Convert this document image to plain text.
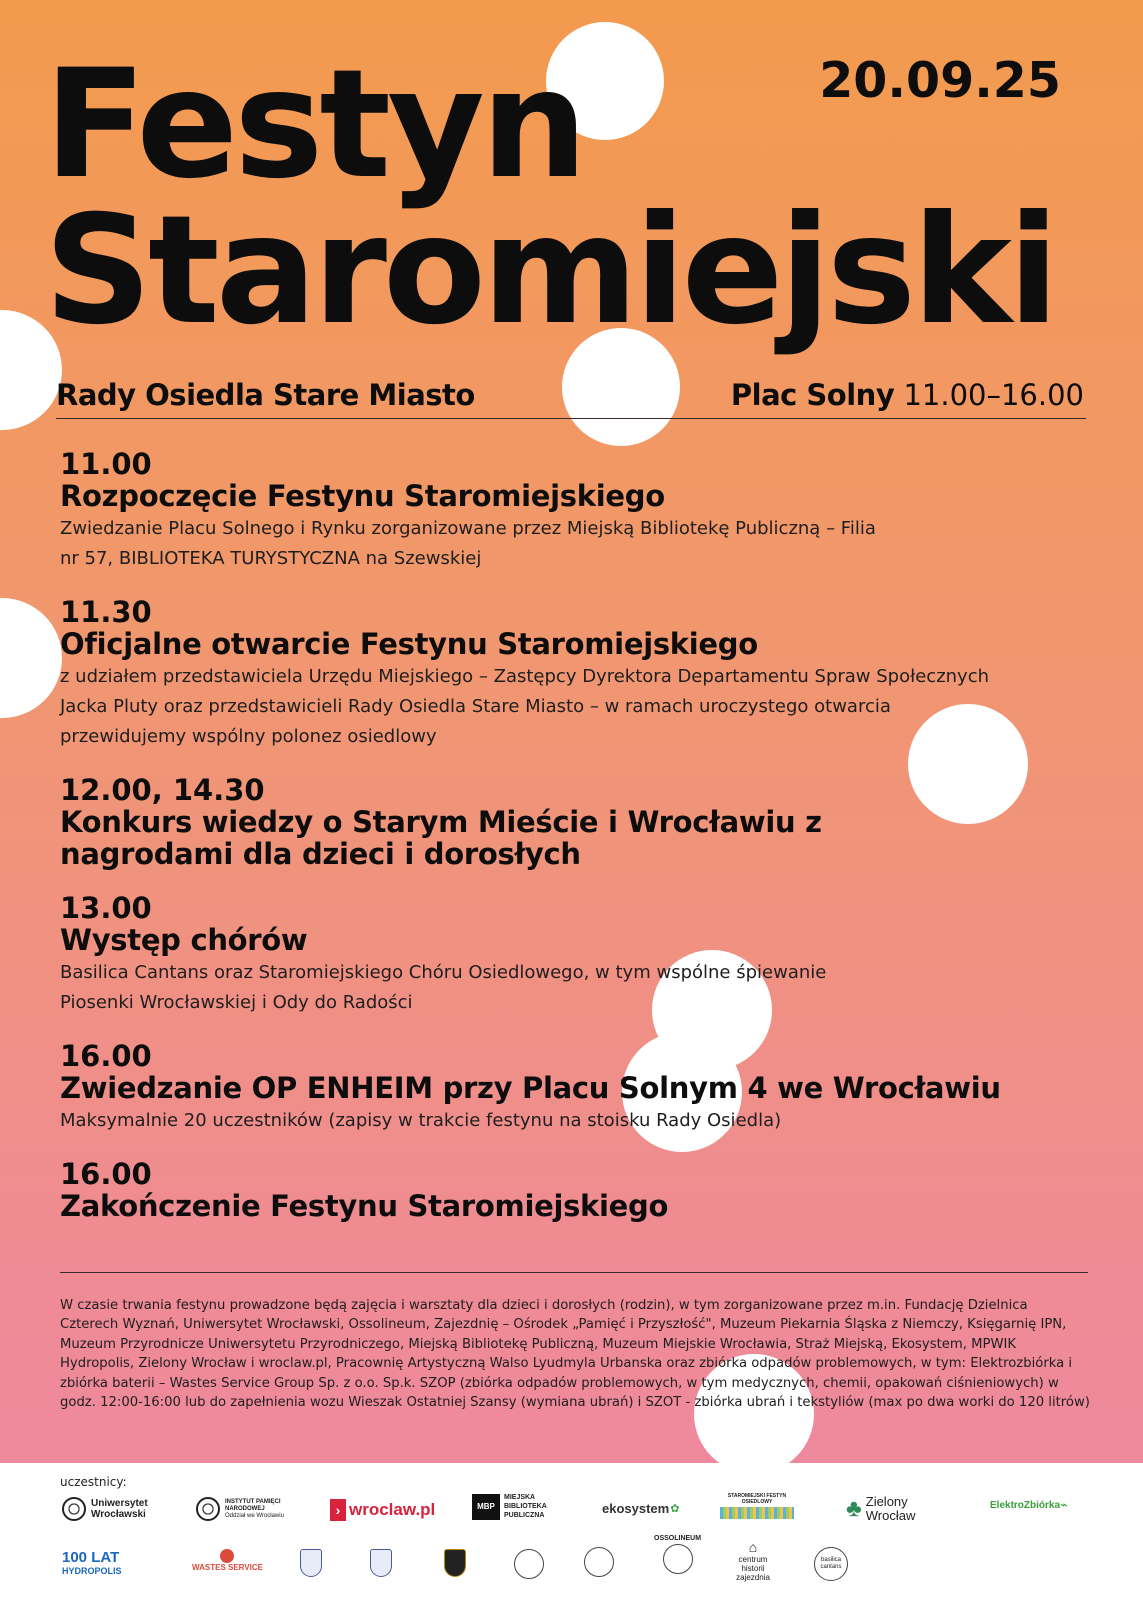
Festyn
Staromiejski
20.09.25
Rady Osiedla Stare Miasto	Plac Solny 11.00–16.00
11.00
Rozpoczęcie Festynu Staromiejskiego
Zwiedzanie Placu Solnego i Rynku zorganizowane przez Miejską Bibliotekę Publiczną – Filia nr 57, BIBLIOTEKA TURYSTYCZNA na Szewskiej
11.30
Oficjalne otwarcie Festynu Staromiejskiego
z udziałem przedstawiciela Urzędu Miejskiego – Zastępcy Dyrektora Departamentu Spraw Społecznych Jacka Pluty oraz przedstawicieli Rady Osiedla Stare Miasto – w ramach uroczystego otwarcia przewidujemy wspólny polonez osiedlowy
12.00, 14.30
Konkurs wiedzy o Starym Mieście i Wrocławiu z nagrodami dla dzieci i dorosłych
13.00
Występ chórów
Basilica Cantans oraz Staromiejskiego Chóru Osiedlowego, w tym wspólne śpiewanie Piosenki Wrocławskiej i Ody do Radości
16.00
Zwiedzanie OP ENHEIM przy Placu Solnym 4 we Wrocławiu
Maksymalnie 20 uczestników (zapisy w trakcie festynu na stoisku Rady Osiedla)
16.00
Zakończenie Festynu Staromiejskiego
W czasie trwania festynu prowadzone będą zajęcia i warsztaty dla dzieci i dorosłych (rodzin), w tym zorganizowane przez m.in. Fundację Dzielnica Czterech Wyznań, Uniwersytet Wrocławski, Ossolineum, Zajezdnię – Ośrodek „Pamięć i Przyszłość", Muzeum Piekarnia Śląska z Niemczy, Księgarnię IPN, Muzeum Przyrodnicze Uniwersytetu Przyrodniczego, Miejską Bibliotekę Publiczną, Muzeum Miejskie Wrocławia, Straż Miejską, Ekosystem, MPWIK Hydropolis, Zielony Wrocław i wroclaw.pl, Pracownię Artystyczną Walso Lyudmyla Urbanska oraz zbiórka odpadów problemowych, w tym: Elektrozbiórka i zbiórka baterii – Wastes Service Group Sp. z o.o. Sp.k. SZOP (zbiórka odpadów problemowych, w tym medycznych, chemii, opakowań ciśnieniowych) w godz. 12:00-16:00 lub do zapełnienia wozu Wieszak Ostatniej Szansy (wymiana ubrań) i SZOT - zbiórka ubrań i tekstyliów (max po dwa worki do 120 litrów)
uczestnicy:
Uniwersytet Wrocławski
INSTYTUT PAMIĘCI NARODOWEJ
Oddział we Wrocławiu	› wroclaw.pl	MBP
MIEJSKA BIBLIOTEKA PUBLICZNA	ekosystem ✿
STAROMIEJSKI FESTYN OSIEDLOWY	♣ Zielony Wrocław
ElektroZbiórka ⌁
100 LAT
HYDROPOLIS	WASTES SERVICE
OSSOLINEUM
⌂
centrum historii zajezdnia
basilica cantans
